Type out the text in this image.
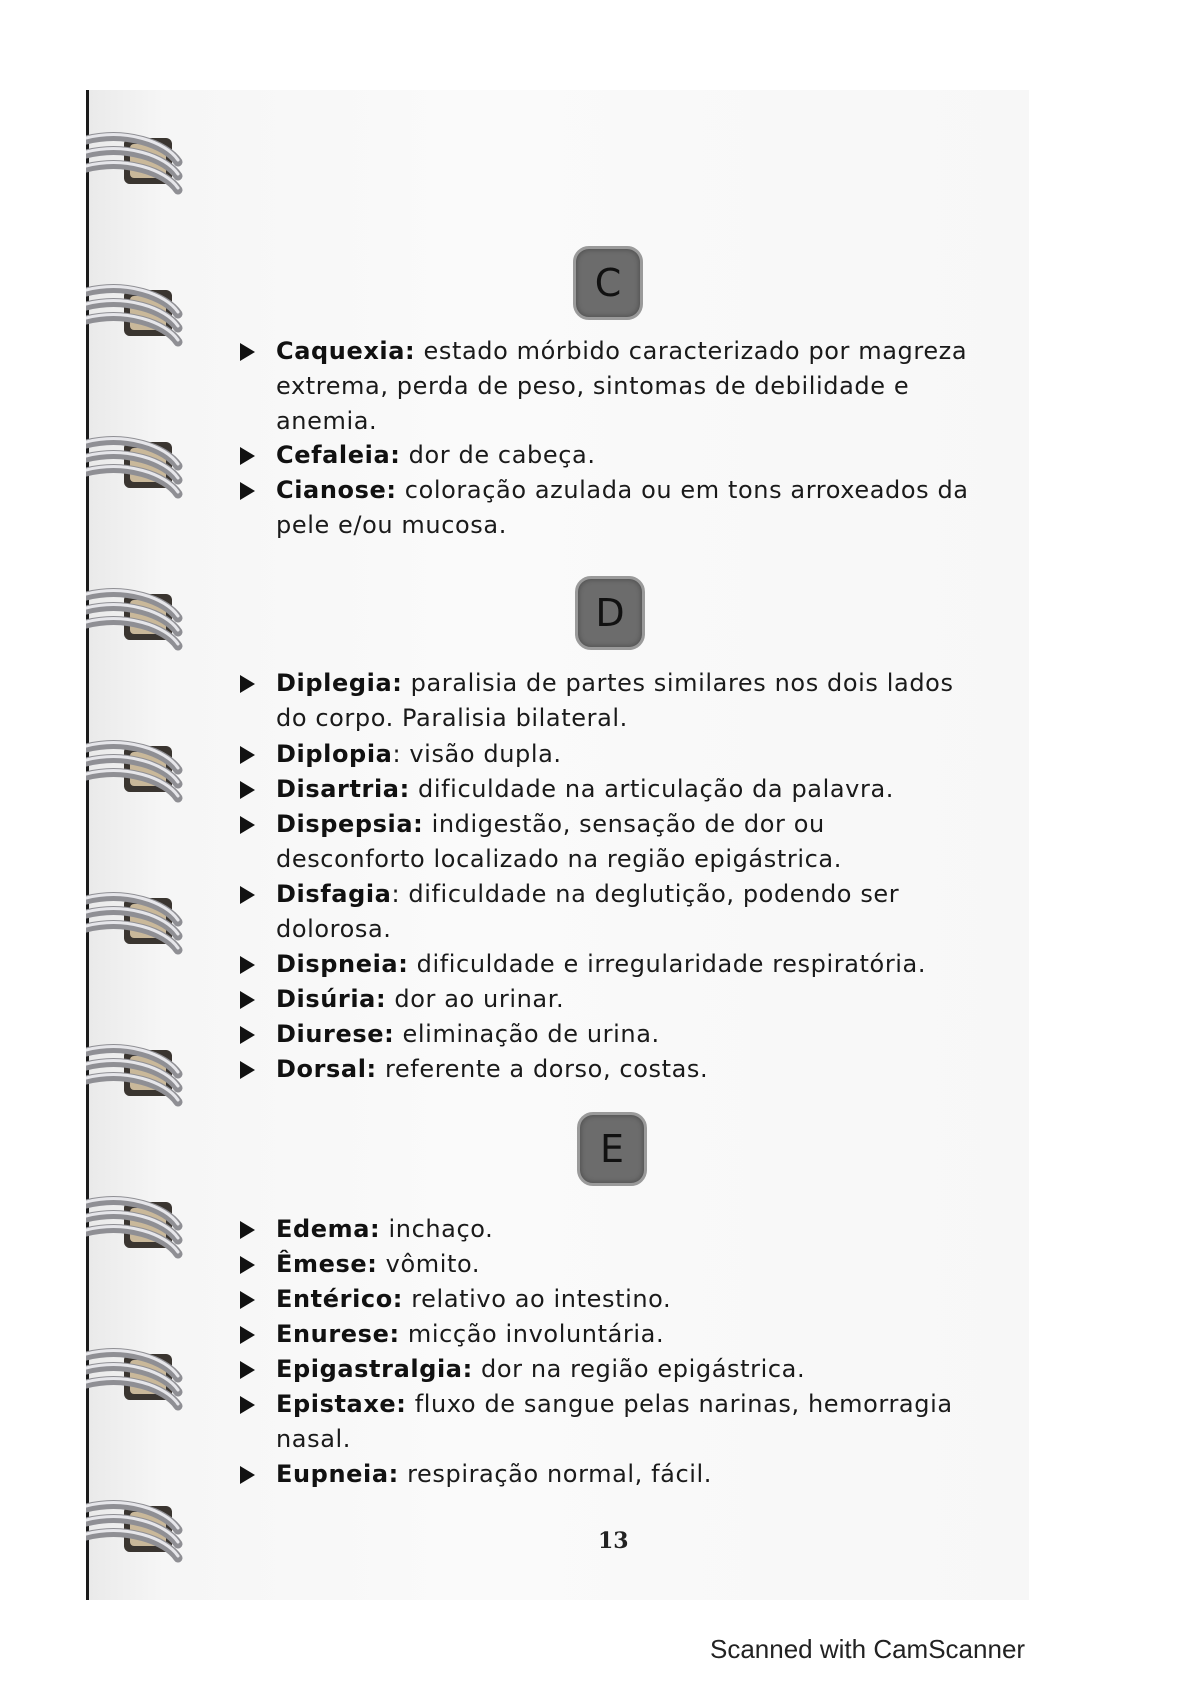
C
Caquexia: estado mórbido caracterizado por magreza extrema, perda de peso, sintomas de debilidade e anemia.
Cefaleia: dor de cabeça.
Cianose: coloração azulada ou em tons arroxeados da pele e/ou mucosa.
D
Diplegia: paralisia de partes similares nos dois lados do corpo. Paralisia bilateral.
Diplopia: visão dupla.
Disartria: dificuldade na articulação da palavra.
Dispepsia: indigestão, sensação de dor ou desconforto localizado na região epigástrica.
Disfagia: dificuldade na deglutição, podendo ser dolorosa.
Dispneia: dificuldade e irregularidade respiratória.
Disúria: dor ao urinar.
Diurese: eliminação de urina.
Dorsal: referente a dorso, costas.
E
Edema: inchaço.
Êmese: vômito.
Entérico: relativo ao intestino.
Enurese: micção involuntária.
Epigastralgia: dor na região epigástrica.
Epistaxe: fluxo de sangue pelas narinas, hemorragia nasal.
Eupneia: respiração normal, fácil.
13
Scanned with CamScanner
